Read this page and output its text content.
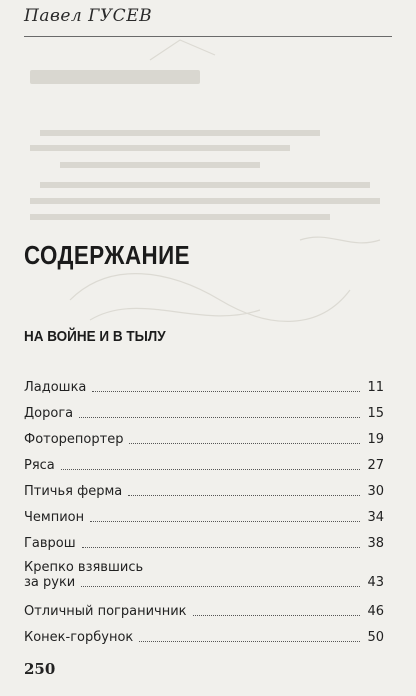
Павел ГУСЕВ
СОДЕРЖАНИЕ
НА ВОЙНЕ И В ТЫЛУ
Ладошка	11
Дорога	15
Фоторепортер	19
Ряса	27
Птичья ферма	30
Чемпион	34
Гаврош	38
Крепко взявшись
за руки	43
Отличный пограничник	46
Конек-горбунок	50
250
